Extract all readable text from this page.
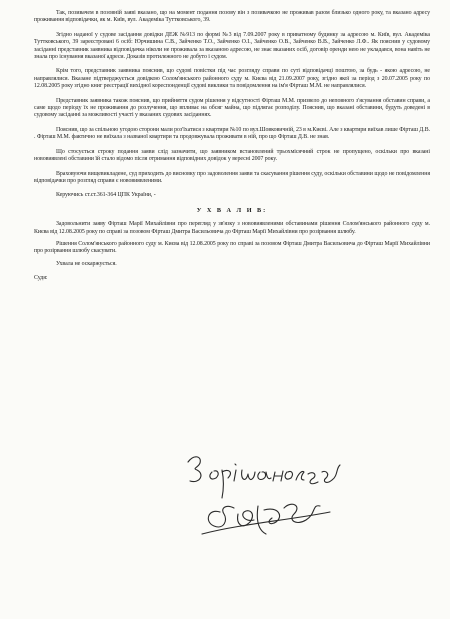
Так, позивачем в позовній заяві вказано, що на момент подання позову він з позивачкою не проживав разом близько одного року, та вказано адресу проживання відповідачки, як м. Київ, вул. Академіка Туттковського, 39.

Згідно наданої у судове засідання довідки ДЕЖ №913 по формі №3 від 7.09.2007 року в приватному будинку за адресою м. Київ, вул. Академіка Туттковського, 39 зареєстровані 6 осіб: Юрчишина С.В., Зайченко Т.О., Зайченко О.І., Зайченко О.В., Зайченко В.В., Зайченко Л.Ф.. Як пояснив у судовому засіданні представник заявника відповідачка ніколи не проживала за вказаною адресою, не знає вказаних осіб, договір оренди нею не укладався, вона навіть не знала про існування вказаної адреси. Доказів протилежного не добуто і судом.

Крім того, представник заявника пояснив, що судові повістки під час розгляду справи по суті відповідачці поштою, за будь - якою адресою, не направлялися. Вказане підтверджується довідкою Солом'янського районного суду м. Києва від 21.09.2007 року, згідно якої за період з 20.07.2005 року по 12.08.2005 року згідно книг реєстрації вихідної кореспонденції судові виклики та повідомлення на ім'я Фірташ М.М. не направлялися.

Представник заявника також пояснив, що прийняття судом рішення у відсутності Фірташ М.М. призвело до неповного з'ясування обставин справи, а саме щодо періоду їх не проживання до розлучення, що впливає на обсяг майна, що підлягає розподілу. Пояснив, що вказані обставини, будуть доведені в судовому засіданні за можливості участі у вказаних судових засіданнях.

Пояснив, що за спільною угодою сторони мали роз'їхатися з квартири №10 по вул.Шовковичній, 23 в м.Києві. Але з квартири виїхав лише Фірташ Д.В. . Фірташ М.М. фактично не виїхала з названої квартири та продовжувала проживати в ній, про що Фірташ Д.В. не знав.

Що стосується строку подання заяви слід зазначити, що заявником встановлений трьохмісячний строк не пропущено, оскільки про вказані нововиявлені обставини їй стало відомо після отримання відповідних довідок у вересні 2007 року.

Враховуючи вищевикладене, суд приходить до висновку про задоволення заяви та скасування рішення суду, оскільки обставини щодо не повідомлення відповідачки про розгляд справи є нововиявленими.

Керуючись ст.ст.361-364 ЦПК України, -

У Х В А Л И В:

Задовольнити заяву Фірташ Марії Михайлівни про перегляд у зв'язку з нововиявленими обставинами рішення Солом'янського районного суду м. Києва від 12.08.2005 року по справі за позовом Фірташ Дмитра Васильовича до Фірташ Марії Михайлівни про розірвання шлюбу.

Рішення Солом'янського районного суду м. Києва від 12.08.2005 року по справі за позовом Фірташ Дмитра Васильовича до Фірташ Марії Михайлівни про розірвання шлюбу скасувати.

Ухвала не оскаржується.

Судя:
